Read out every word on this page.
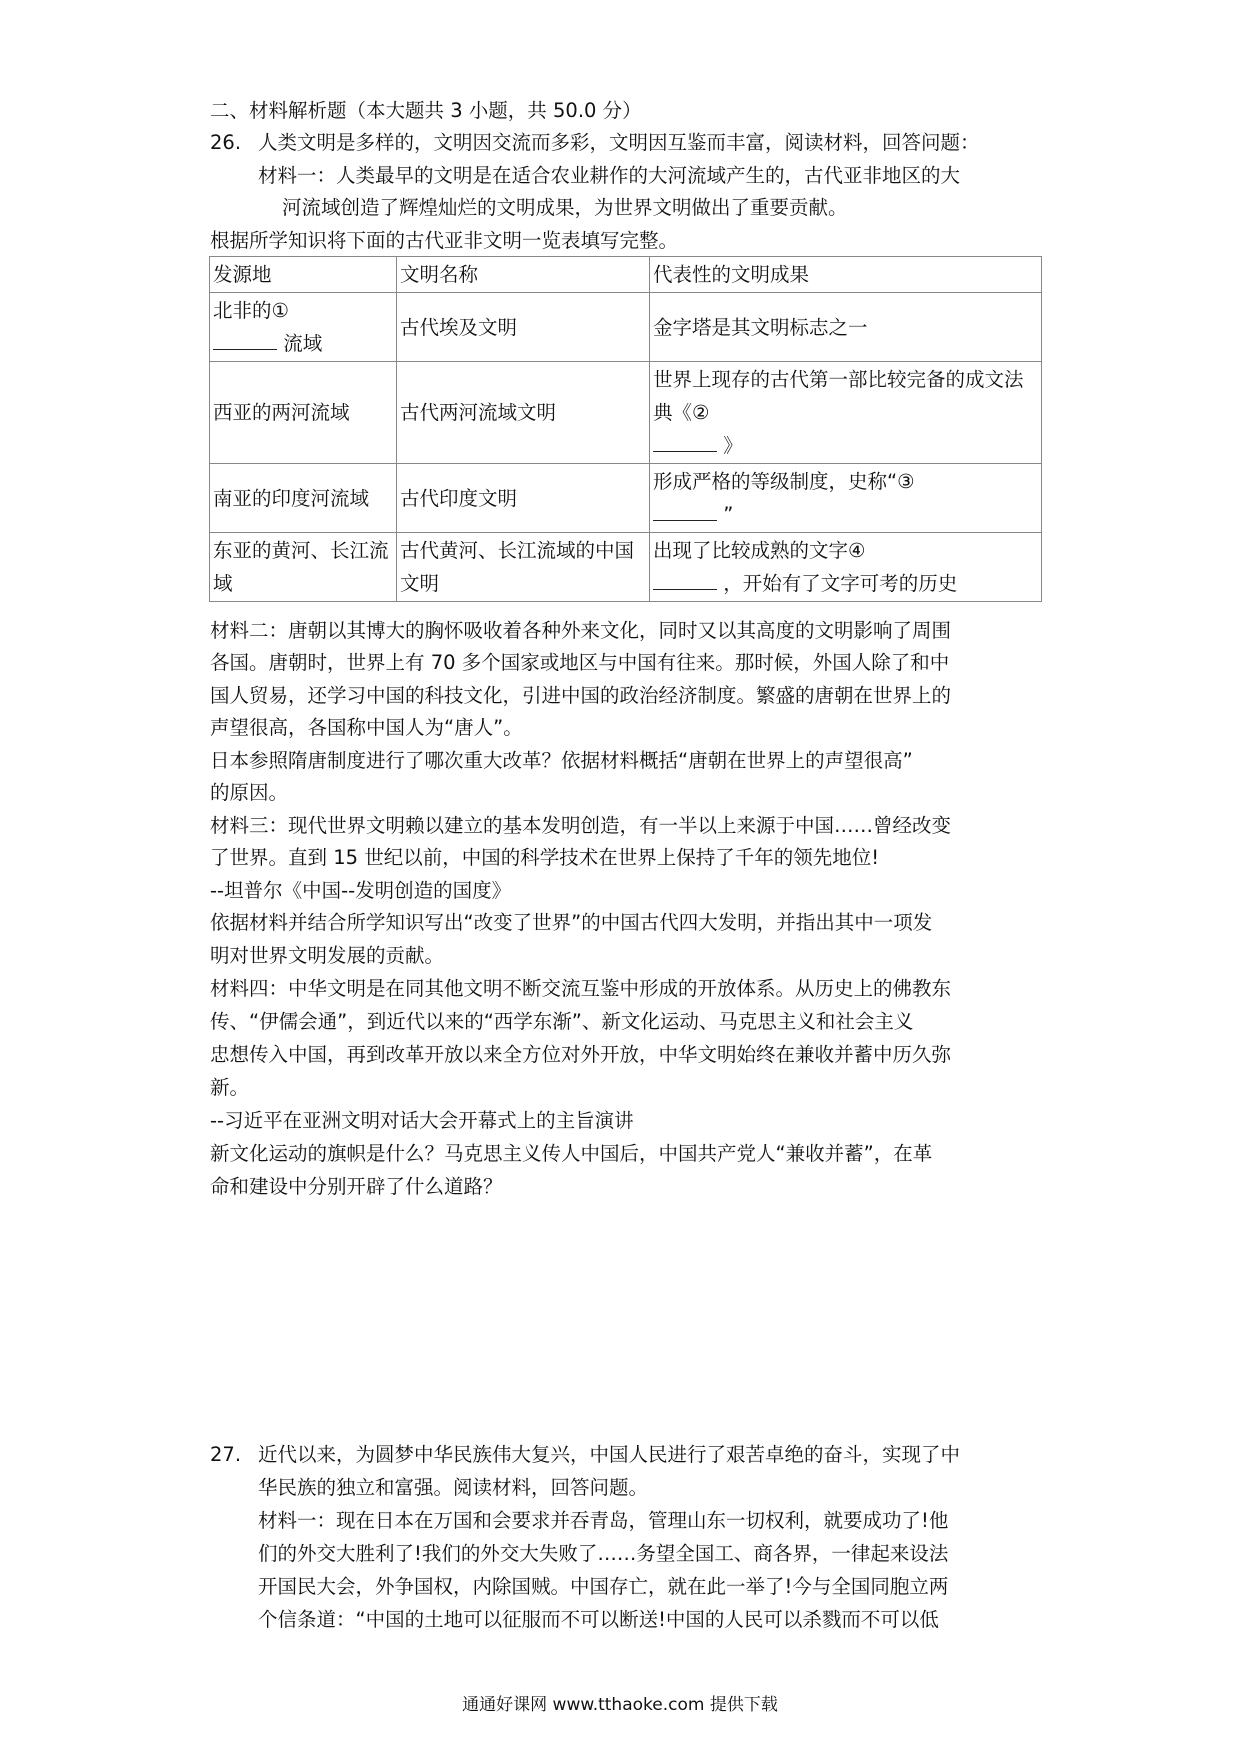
二、材料解析题（本大题共 3 小题，共 50.0 分）
26. 人类文明是多样的，文明因交流而多彩，文明因互鉴而丰富，阅读材料，回答问题：
材料一：人类最早的文明是在适合农业耕作的大河流域产生的，古代亚非地区的大
河流域创造了辉煌灿烂的文明成果，为世界文明做出了重要贡献。
根据所学知识将下面的古代亚非文明一览表填写完整。
发源地	文明名称	代表性的文明成果

北非的①
流域	古代埃及文明	金字塔是其文明标志之一
西亚的两河流域	古代两河流域文明	世界上现存的古代第一部比较完备的成文法典《②
》

南亚的印度河流域	古代印度文明	形成严格的等级制度，史称“③
”

东亚的黄河、长江流域	古代黄河、长江流域的中国文明	出现了比较成熟的文字④
，开始有了文字可考的历史
材料二：唐朝以其博大的胸怀吸收着各种外来文化，同时又以其高度的文明影响了周围
各国。唐朝时，世界上有 70 多个国家或地区与中国有往来。那时候，外国人除了和中
国人贸易，还学习中国的科技文化，引进中国的政治经济制度。繁盛的唐朝在世界上的
声望很高，各国称中国人为“唐人”。
日本参照隋唐制度进行了哪次重大改革？依据材料概括“唐朝在世界上的声望很高”
的原因。
材料三：现代世界文明赖以建立的基本发明创造，有一半以上来源于中国……曾经改变
了世界。直到 15 世纪以前，中国的科学技术在世界上保持了千年的领先地位!
--坦普尔《中国--发明创造的国度》
依据材料并结合所学知识写出“改变了世界”的中国古代四大发明，并指出其中一项发
明对世界文明发展的贡献。
材料四：中华文明是在同其他文明不断交流互鉴中形成的开放体系。从历史上的佛教东
传、“伊儒会通”，到近代以来的“西学东渐”、新文化运动、马克思主义和社会主义
忠想传入中国，再到改革开放以来全方位对外开放，中华文明始终在兼收并蓄中历久弥
新。
--习近平在亚洲文明对话大会开幕式上的主旨演讲
新文化运动的旗帜是什么？马克思主义传人中国后，中国共产党人“兼收并蓄”，在革
命和建设中分别开辟了什么道路？
27. 近代以来，为圆梦中华民族伟大复兴，中国人民进行了艰苦卓绝的奋斗，实现了中
华民族的独立和富强。阅读材料，回答问题。
材料一：现在日本在万国和会要求并吞青岛，管理山东一切权利，就要成功了!他
们的外交大胜利了!我们的外交大失败了……务望全国工、商各界，一律起来设法
开国民大会，外争国权，内除国贼。中国存亡，就在此一举了!今与全国同胞立两
个信条道：“中国的土地可以征服而不可以断送!中国的人民可以杀戮而不可以低
通通好课网 www.tthaoke.com 提供下载
